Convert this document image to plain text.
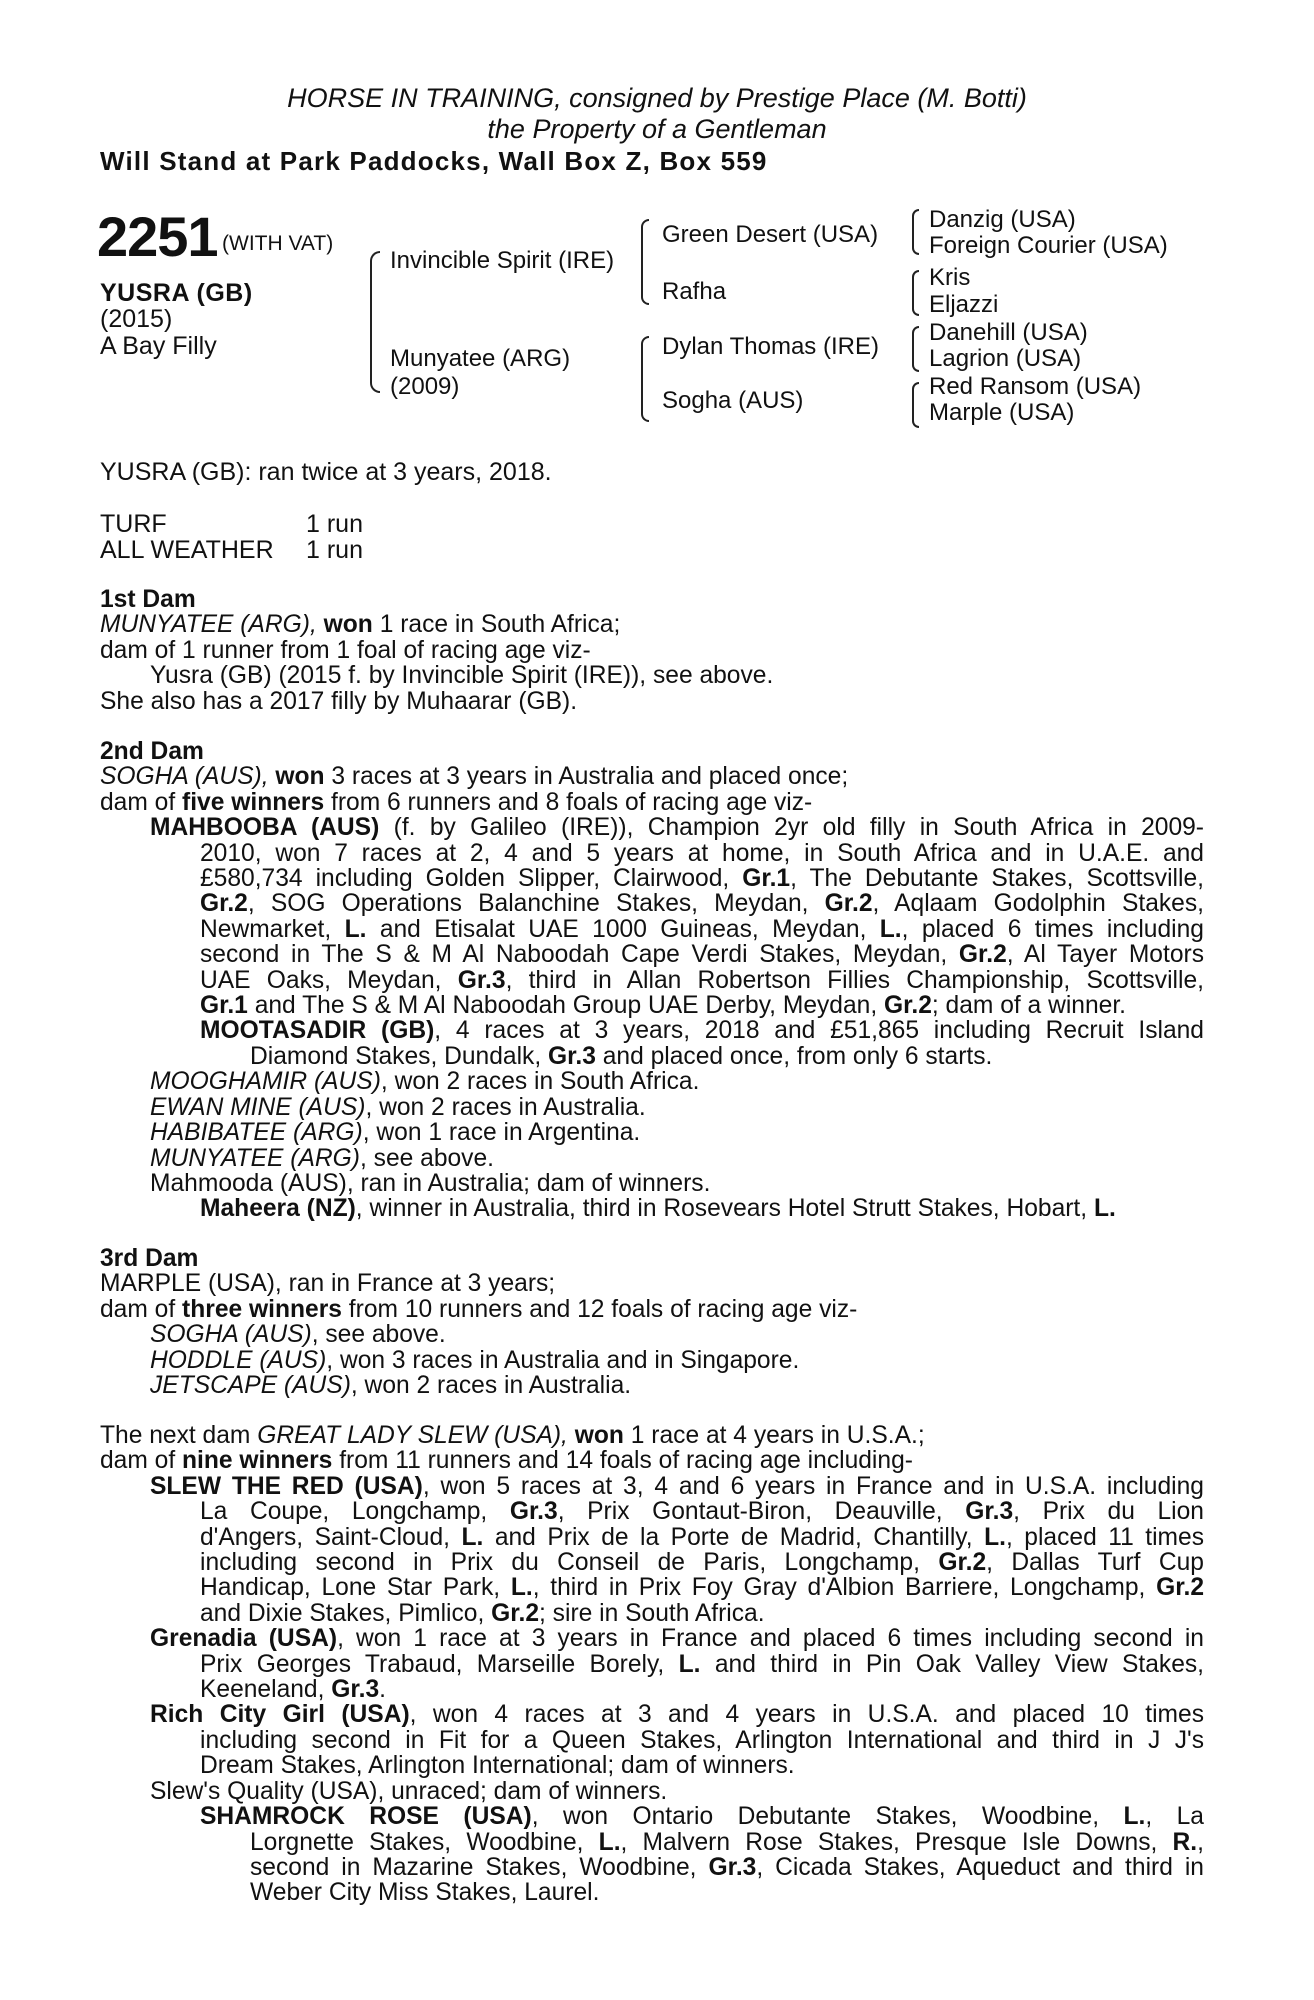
HORSE IN TRAINING, consigned by Prestige Place (M. Botti)
the Property of a Gentleman
Will Stand at Park Paddocks, Wall Box Z, Box 559
2251 (WITH VAT)
YUSRA (GB)
(2015)
A Bay Filly
Invincible Spirit (IRE)
Munyatee (ARG)
(2009)
Green Desert (USA)
Rafha
Dylan Thomas (IRE)
Sogha (AUS)
Danzig (USA)
Foreign Courier (USA)
Kris
Eljazzi
Danehill (USA)
Lagrion (USA)
Red Ransom (USA)
Marple (USA)
YUSRA (GB): ran twice at 3 years, 2018.
TURF	1 run
ALL WEATHER 1 run
1st Dam
MUNYATEE (ARG), won 1 race in South Africa;
dam of 1 runner from 1 foal of racing age viz-
Yusra (GB) (2015 f. by Invincible Spirit (IRE)), see above.
She also has a 2017 filly by Muhaarar (GB).
2nd Dam
SOGHA (AUS), won 3 races at 3 years in Australia and placed once;
dam of five winners from 6 runners and 8 foals of racing age viz-
MAHBOOBA (AUS) (f. by Galileo (IRE)), Champion 2yr old filly in South Africa in 2009-
2010, won 7 races at 2, 4 and 5 years at home, in South Africa and in U.A.E. and
£580,734 including Golden Slipper, Clairwood, Gr.1, The Debutante Stakes, Scottsville,
Gr.2, SOG Operations Balanchine Stakes, Meydan, Gr.2, Aqlaam Godolphin Stakes,
Newmarket, L. and Etisalat UAE 1000 Guineas, Meydan, L., placed 6 times including
second in The S & M Al Naboodah Cape Verdi Stakes, Meydan, Gr.2, Al Tayer Motors
UAE Oaks, Meydan, Gr.3, third in Allan Robertson Fillies Championship, Scottsville,
Gr.1 and The S & M Al Naboodah Group UAE Derby, Meydan, Gr.2; dam of a winner.
MOOTASADIR (GB), 4 races at 3 years, 2018 and £51,865 including Recruit Island
Diamond Stakes, Dundalk, Gr.3 and placed once, from only 6 starts.
MOOGHAMIR (AUS), won 2 races in South Africa.
EWAN MINE (AUS), won 2 races in Australia.
HABIBATEE (ARG), won 1 race in Argentina.
MUNYATEE (ARG), see above.
Mahmooda (AUS), ran in Australia; dam of winners.
Maheera (NZ), winner in Australia, third in Rosevears Hotel Strutt Stakes, Hobart, L.
3rd Dam
MARPLE (USA), ran in France at 3 years;
dam of three winners from 10 runners and 12 foals of racing age viz-
SOGHA (AUS), see above.
HODDLE (AUS), won 3 races in Australia and in Singapore.
JETSCAPE (AUS), won 2 races in Australia.
The next dam GREAT LADY SLEW (USA), won 1 race at 4 years in U.S.A.;
dam of nine winners from 11 runners and 14 foals of racing age including-
SLEW THE RED (USA), won 5 races at 3, 4 and 6 years in France and in U.S.A. including
La Coupe, Longchamp, Gr.3, Prix Gontaut-Biron, Deauville, Gr.3, Prix du Lion
d'Angers, Saint-Cloud, L. and Prix de la Porte de Madrid, Chantilly, L., placed 11 times
including second in Prix du Conseil de Paris, Longchamp, Gr.2, Dallas Turf Cup
Handicap, Lone Star Park, L., third in Prix Foy Gray d'Albion Barriere, Longchamp, Gr.2
and Dixie Stakes, Pimlico, Gr.2; sire in South Africa.
Grenadia (USA), won 1 race at 3 years in France and placed 6 times including second in
Prix Georges Trabaud, Marseille Borely, L. and third in Pin Oak Valley View Stakes,
Keeneland, Gr.3.
Rich City Girl (USA), won 4 races at 3 and 4 years in U.S.A. and placed 10 times
including second in Fit for a Queen Stakes, Arlington International and third in J J's
Dream Stakes, Arlington International; dam of winners.
Slew's Quality (USA), unraced; dam of winners.
SHAMROCK ROSE (USA), won Ontario Debutante Stakes, Woodbine, L., La
Lorgnette Stakes, Woodbine, L., Malvern Rose Stakes, Presque Isle Downs, R.,
second in Mazarine Stakes, Woodbine, Gr.3, Cicada Stakes, Aqueduct and third in
Weber City Miss Stakes, Laurel.
